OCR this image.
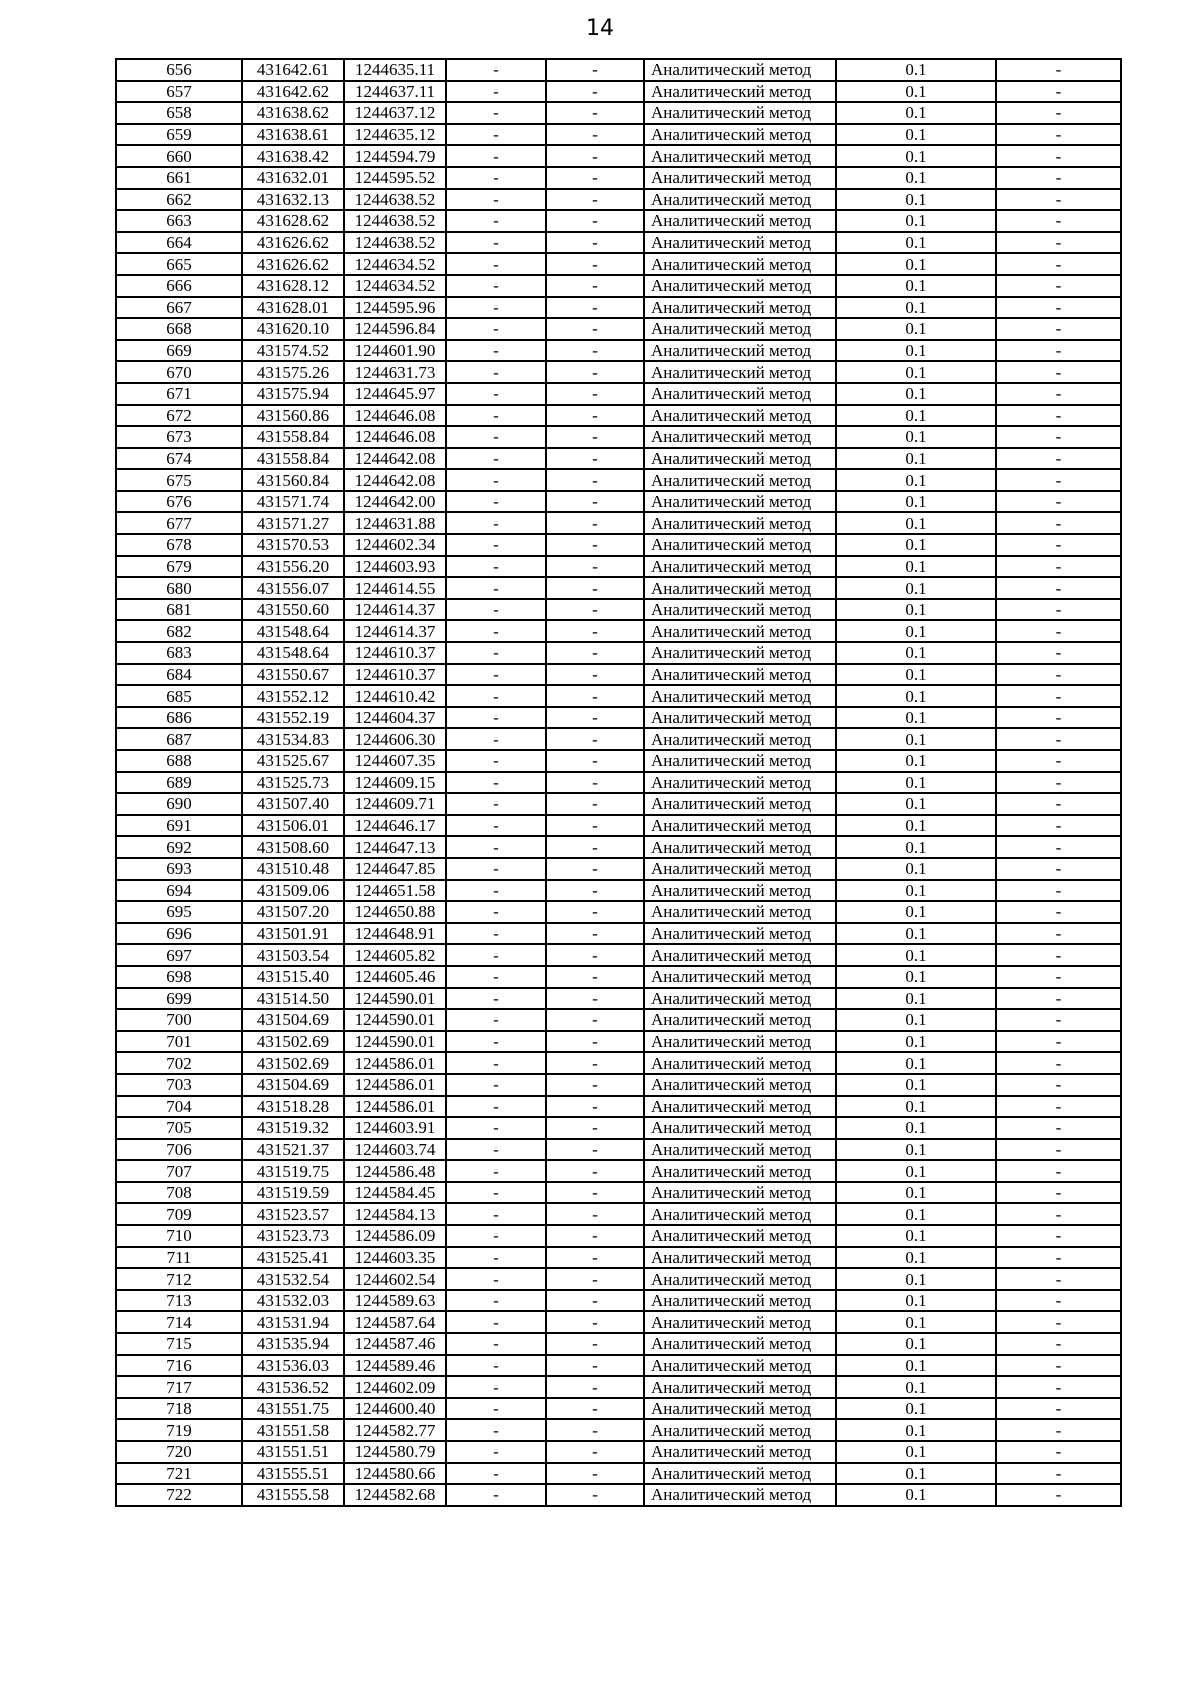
14
656	431642.61	1244635.11	-	-	Аналитический метод	0.1	-
657	431642.62	1244637.11	-	-	Аналитический метод	0.1	-
658	431638.62	1244637.12	-	-	Аналитический метод	0.1	-
659	431638.61	1244635.12	-	-	Аналитический метод	0.1	-
660	431638.42	1244594.79	-	-	Аналитический метод	0.1	-
661	431632.01	1244595.52	-	-	Аналитический метод	0.1	-
662	431632.13	1244638.52	-	-	Аналитический метод	0.1	-
663	431628.62	1244638.52	-	-	Аналитический метод	0.1	-
664	431626.62	1244638.52	-	-	Аналитический метод	0.1	-
665	431626.62	1244634.52	-	-	Аналитический метод	0.1	-
666	431628.12	1244634.52	-	-	Аналитический метод	0.1	-
667	431628.01	1244595.96	-	-	Аналитический метод	0.1	-
668	431620.10	1244596.84	-	-	Аналитический метод	0.1	-
669	431574.52	1244601.90	-	-	Аналитический метод	0.1	-
670	431575.26	1244631.73	-	-	Аналитический метод	0.1	-
671	431575.94	1244645.97	-	-	Аналитический метод	0.1	-
672	431560.86	1244646.08	-	-	Аналитический метод	0.1	-
673	431558.84	1244646.08	-	-	Аналитический метод	0.1	-
674	431558.84	1244642.08	-	-	Аналитический метод	0.1	-
675	431560.84	1244642.08	-	-	Аналитический метод	0.1	-
676	431571.74	1244642.00	-	-	Аналитический метод	0.1	-
677	431571.27	1244631.88	-	-	Аналитический метод	0.1	-
678	431570.53	1244602.34	-	-	Аналитический метод	0.1	-
679	431556.20	1244603.93	-	-	Аналитический метод	0.1	-
680	431556.07	1244614.55	-	-	Аналитический метод	0.1	-
681	431550.60	1244614.37	-	-	Аналитический метод	0.1	-
682	431548.64	1244614.37	-	-	Аналитический метод	0.1	-
683	431548.64	1244610.37	-	-	Аналитический метод	0.1	-
684	431550.67	1244610.37	-	-	Аналитический метод	0.1	-
685	431552.12	1244610.42	-	-	Аналитический метод	0.1	-
686	431552.19	1244604.37	-	-	Аналитический метод	0.1	-
687	431534.83	1244606.30	-	-	Аналитический метод	0.1	-
688	431525.67	1244607.35	-	-	Аналитический метод	0.1	-
689	431525.73	1244609.15	-	-	Аналитический метод	0.1	-
690	431507.40	1244609.71	-	-	Аналитический метод	0.1	-
691	431506.01	1244646.17	-	-	Аналитический метод	0.1	-
692	431508.60	1244647.13	-	-	Аналитический метод	0.1	-
693	431510.48	1244647.85	-	-	Аналитический метод	0.1	-
694	431509.06	1244651.58	-	-	Аналитический метод	0.1	-
695	431507.20	1244650.88	-	-	Аналитический метод	0.1	-
696	431501.91	1244648.91	-	-	Аналитический метод	0.1	-
697	431503.54	1244605.82	-	-	Аналитический метод	0.1	-
698	431515.40	1244605.46	-	-	Аналитический метод	0.1	-
699	431514.50	1244590.01	-	-	Аналитический метод	0.1	-
700	431504.69	1244590.01	-	-	Аналитический метод	0.1	-
701	431502.69	1244590.01	-	-	Аналитический метод	0.1	-
702	431502.69	1244586.01	-	-	Аналитический метод	0.1	-
703	431504.69	1244586.01	-	-	Аналитический метод	0.1	-
704	431518.28	1244586.01	-	-	Аналитический метод	0.1	-
705	431519.32	1244603.91	-	-	Аналитический метод	0.1	-
706	431521.37	1244603.74	-	-	Аналитический метод	0.1	-
707	431519.75	1244586.48	-	-	Аналитический метод	0.1	-
708	431519.59	1244584.45	-	-	Аналитический метод	0.1	-
709	431523.57	1244584.13	-	-	Аналитический метод	0.1	-
710	431523.73	1244586.09	-	-	Аналитический метод	0.1	-
711	431525.41	1244603.35	-	-	Аналитический метод	0.1	-
712	431532.54	1244602.54	-	-	Аналитический метод	0.1	-
713	431532.03	1244589.63	-	-	Аналитический метод	0.1	-
714	431531.94	1244587.64	-	-	Аналитический метод	0.1	-
715	431535.94	1244587.46	-	-	Аналитический метод	0.1	-
716	431536.03	1244589.46	-	-	Аналитический метод	0.1	-
717	431536.52	1244602.09	-	-	Аналитический метод	0.1	-
718	431551.75	1244600.40	-	-	Аналитический метод	0.1	-
719	431551.58	1244582.77	-	-	Аналитический метод	0.1	-
720	431551.51	1244580.79	-	-	Аналитический метод	0.1	-
721	431555.51	1244580.66	-	-	Аналитический метод	0.1	-
722	431555.58	1244582.68	-	-	Аналитический метод	0.1	-
